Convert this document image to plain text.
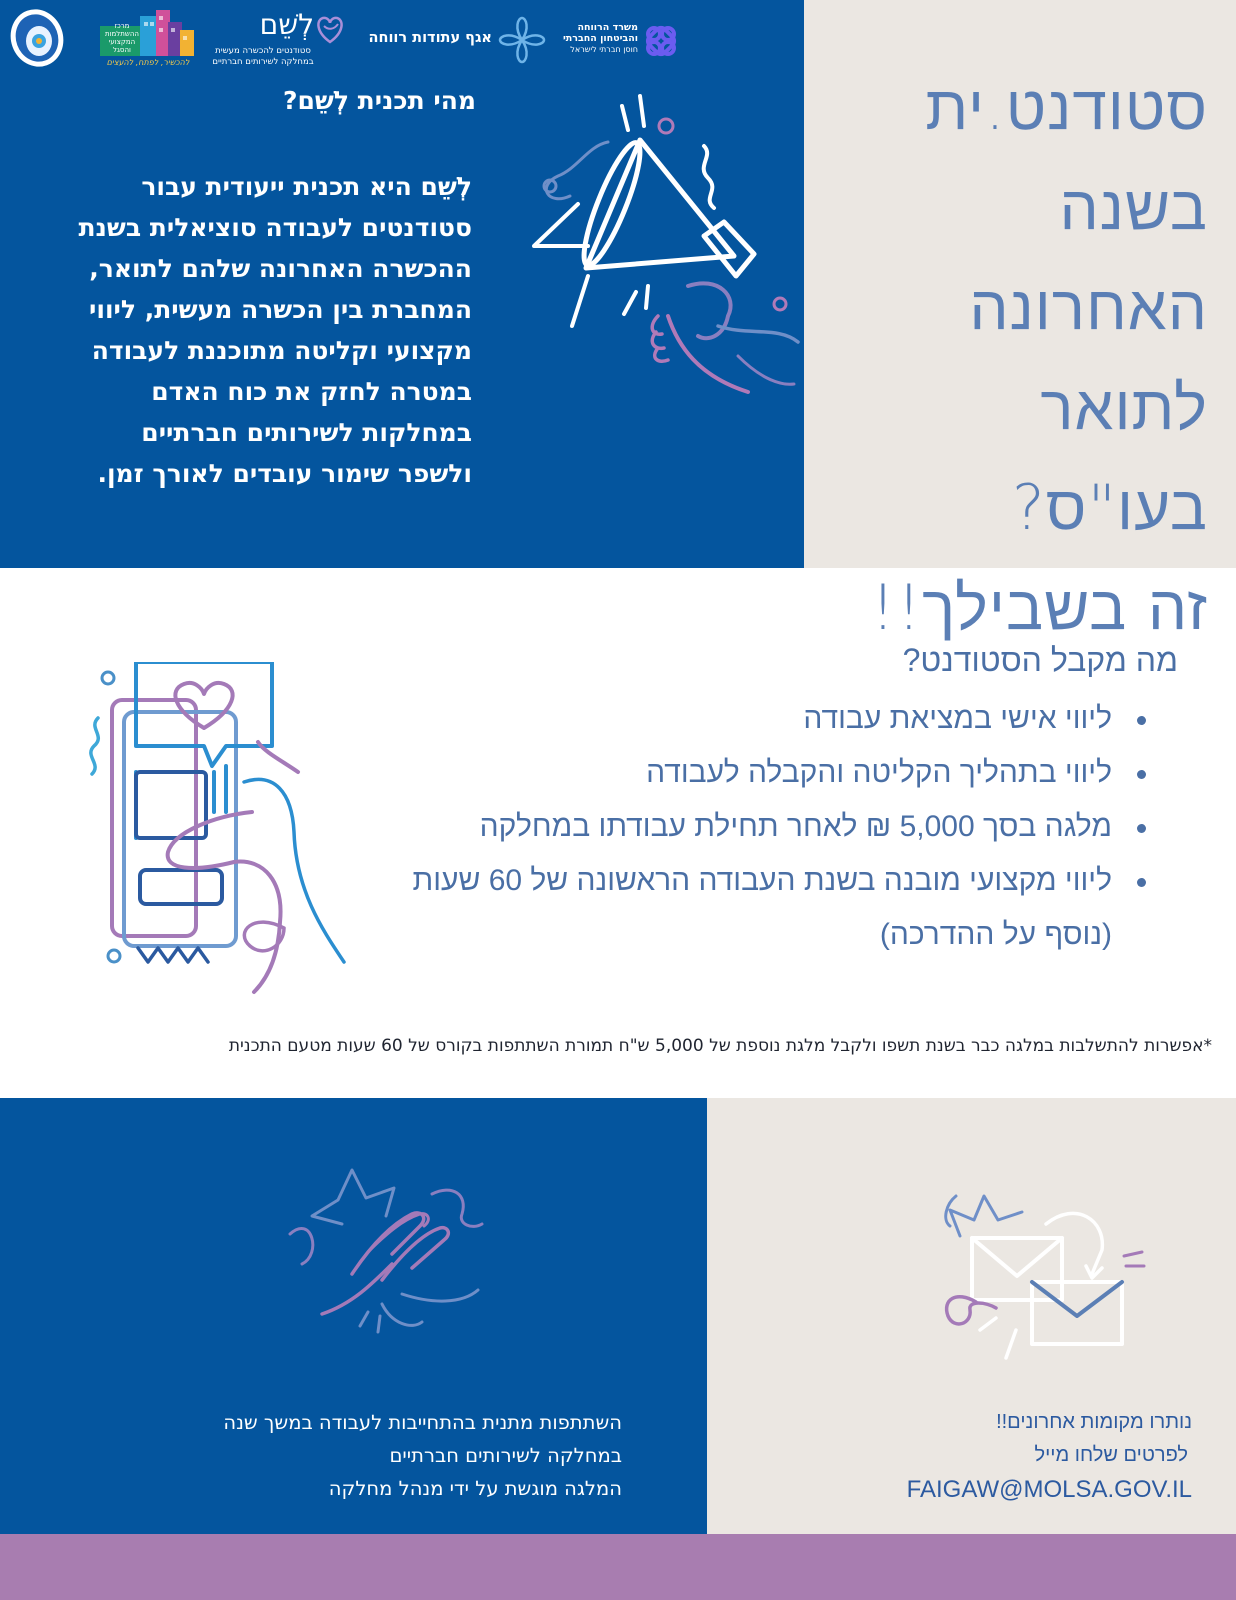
מרכז
ההשתלמות
המקצועי
והסגל
להכשיר, לפתח, להעצים
לְשֵׁם
סטודנטים להכשרה מעשית
במחלקה לשירותים חברתיים
אגף עתודות רווחה
משרד הרווחה
והביטחון החברתי
חוסן חברתי לישראל
סטודנט.ית בשנה
האחרונה לתואר
בעו"ס?
זה בשבילך!!
מהי תכנית לְשֵׁם?
לְשֵׁם היא תכנית ייעודית עבור סטודנטים לעבודה סוציאלית בשנת ההכשרה האחרונה שלהם לתואר, המחברת בין הכשרה מעשית, ליווי מקצועי וקליטה מתוכננת לעבודה במטרה לחזק את כוח האדם במחלקות לשירותים חברתיים ולשפר שימור עובדים לאורך זמן.
מה מקבל הסטודנט?
ליווי אישי במציאת עבודה
ליווי בתהליך הקליטה והקבלה לעבודה
מלגה בסך 5,000 ₪ לאחר תחילת עבודתו במחלקה
ליווי מקצועי מובנה בשנת העבודה הראשונה של 60 שעות (נוסף על ההדרכה)
*אפשרות להתשלבות במלגה כבר בשנת תשפו ולקבל מלגת נוספת של 5,000 ש"ח תמורת השתתפות בקורס של 60 שעות מטעם התכנית
השתתפות מתנית בהתחייבות לעבודה במשך שנה
במחלקה לשירותים חברתיים
המלגה מוגשת על ידי מנהל מחלקה
נותרו מקומות אחרונים!!
לפרטים שלחו מייל
FAIGAW@MOLSA.GOV.IL
